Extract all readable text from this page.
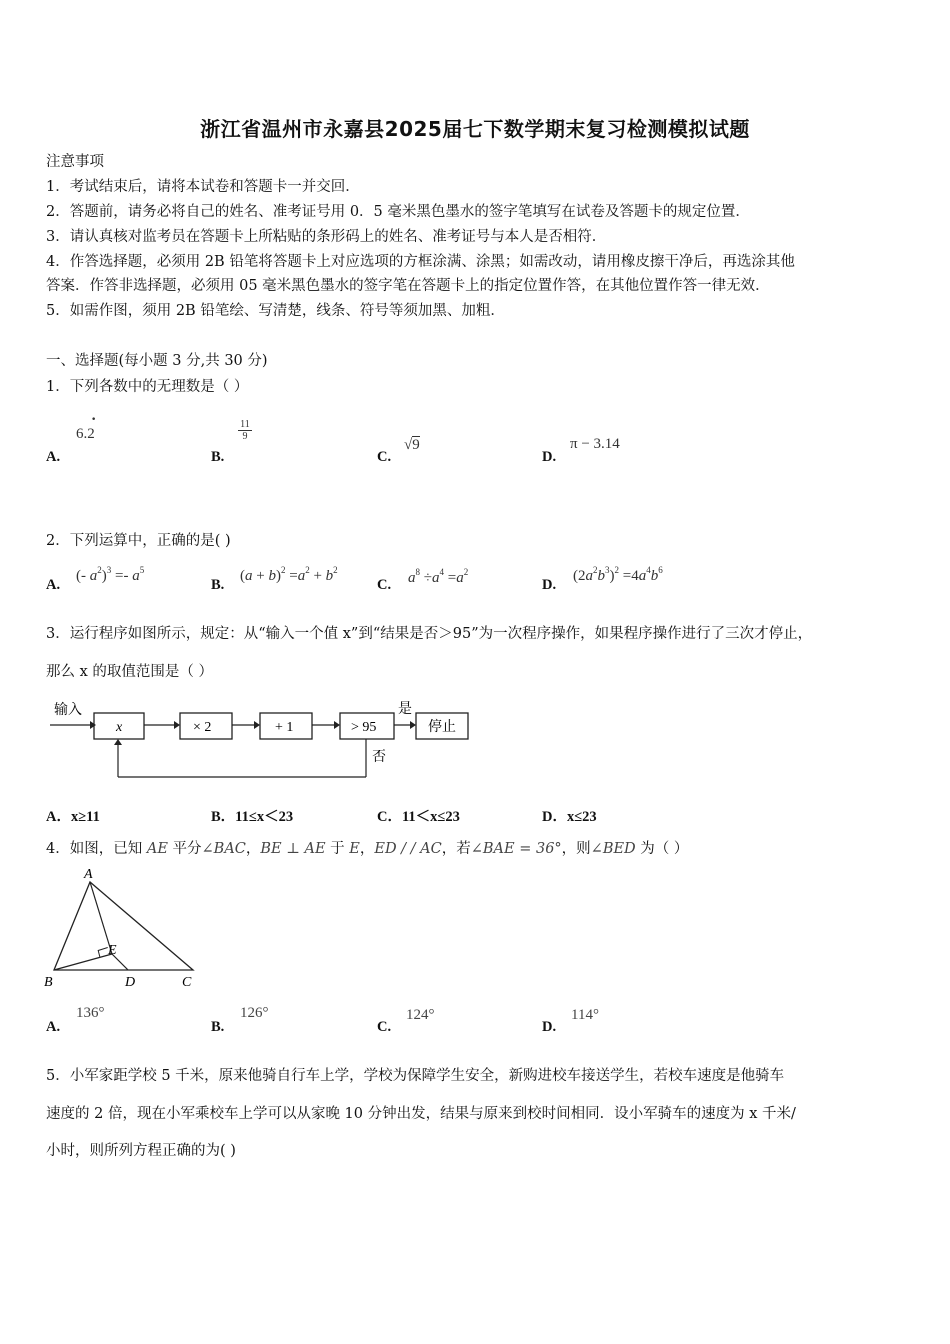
浙江省温州市永嘉县2025届七下数学期末复习检测模拟试题
注意事项
1．考试结束后，请将本试卷和答题卡一并交回．
2．答题前，请务必将自己的姓名、准考证号用 0．5 毫米黑色墨水的签字笔填写在试卷及答题卡的规定位置．
3．请认真核对监考员在答题卡上所粘贴的条形码上的姓名、准考证号与本人是否相符．
4．作答选择题，必须用 2B 铅笔将答题卡上对应选项的方框涂满、涂黑；如需改动，请用橡皮擦干净后，再选涂其他
答案．作答非选择题，必须用 05 毫米黑色墨水的签字笔在答题卡上的指定位置作答，在其他位置作答一律无效．
5．如需作图，须用 2B 铅笔绘、写清楚，线条、符号等须加黑、加粗．
一、选择题(每小题 3 分,共 30 分)
1．下列各数中的无理数是（ ）
A.
6.2
·
B.
$\frac{11}{9}$
C.
√9
D.
π − 3.14
2．下列运算中，正确的是( )
A.
(- $a^2)^3 =- a^5$
B.
$(a + b)^2 =a^2 + b^2$
C. $a^8 \div a^4 =a^2$
D.
$(2a^2b^3)^2 =4a^4b^6$
3．运行程序如图所示，规定：从“输入一个值 x”到“结果是否＞95”为一次程序操作，如果程序操作进行了三次才停止，
那么 x 的取值范围是（ ）
输入
x	× 2	+ 1	> 95
是
停止
否
A．x≥11	B．11≤x＜23	C．11＜x≤23	D．x≤23
4．如图，已知 AE 平分∠BAC，BE ⊥ AE 于 E，ED / / AC，若∠BAE = 36°，则∠BED 为（ ）
A
B	D	C
E
A.
136°
B.
126°
C.
124°
D.
114°
5．小军家距学校 5 千米，原来他骑自行车上学，学校为保障学生安全，新购进校车接送学生，若校车速度是他骑车
速度的 2 倍，现在小军乘校车上学可以从家晚 10 分钟出发，结果与原来到校时间相同．设小军骑车的速度为 x 千米/
小时，则所列方程正确的为( )
